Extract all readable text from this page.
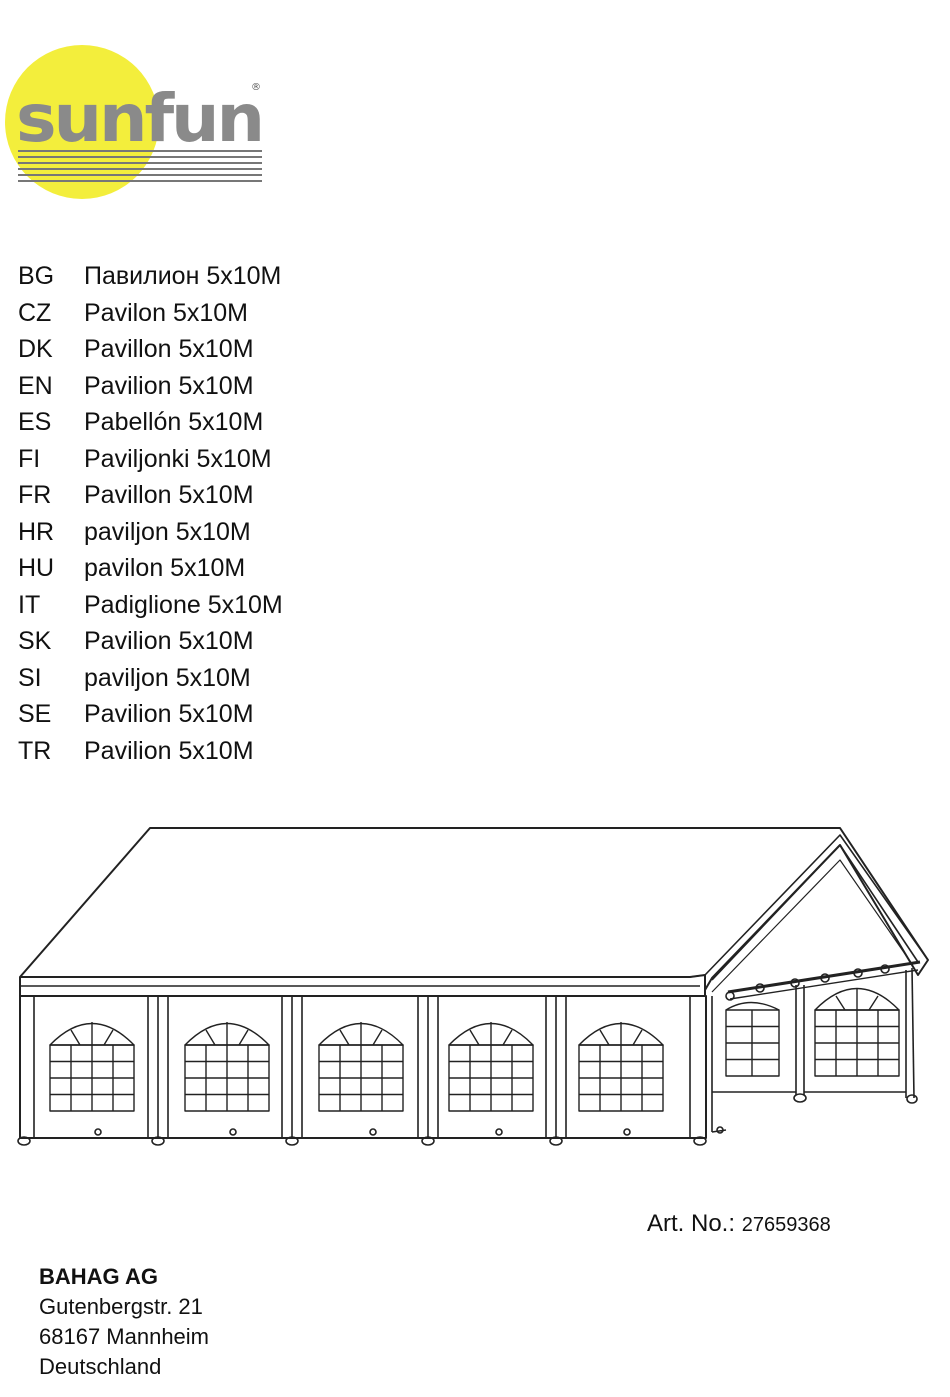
sunfun
®
BG Павилион 5x10M
CZ Pavilon 5x10M
DK Pavillon 5x10M
EN Pavilion 5x10M
ES Pabellón 5x10M
FI Paviljonki 5x10M
FR Pavillon 5x10M
HR paviljon 5x10M
HU pavilon 5x10M
IT Padiglione 5x10M
SK Pavilion 5x10M
SI paviljon 5x10M
SE Pavilion 5x10M
TR Pavilion 5x10M
Art. No.: 27659368
BAHAG AG
Gutenbergstr. 21
68167 Mannheim
Deutschland
